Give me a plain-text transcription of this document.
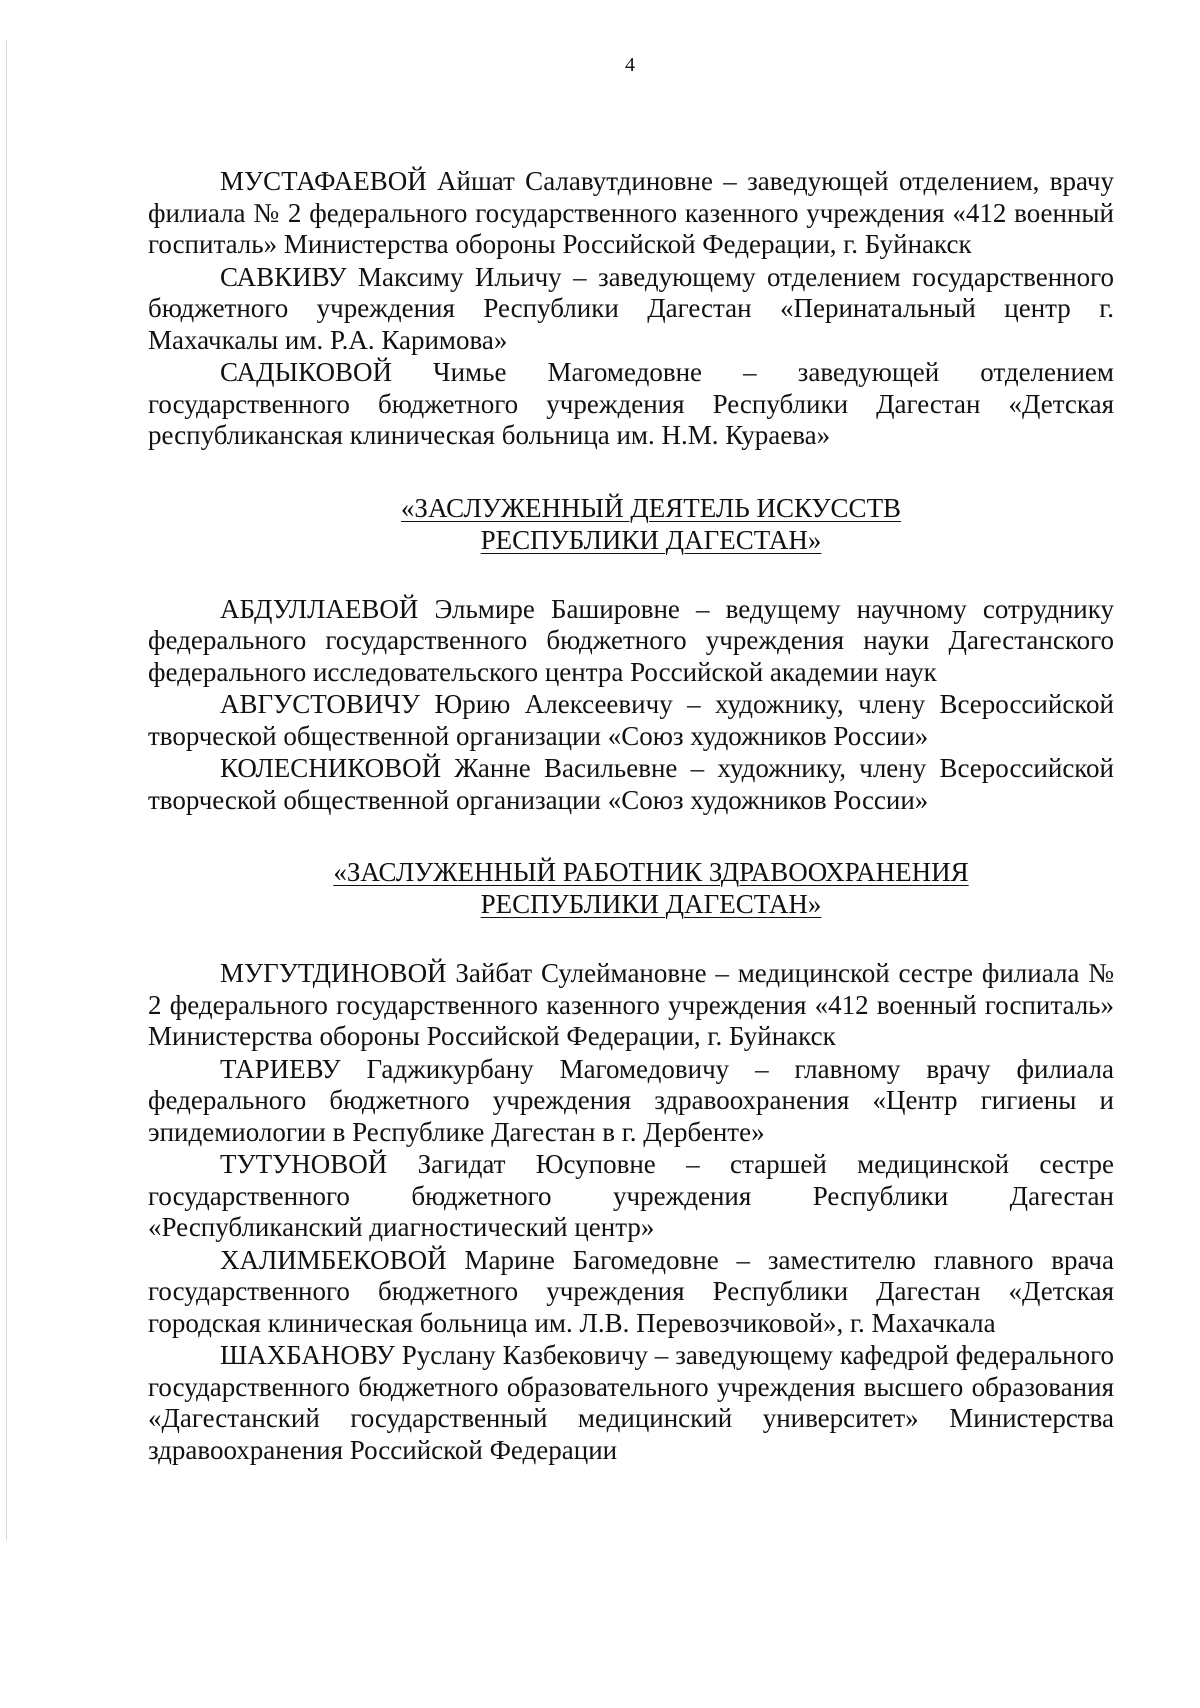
4

МУСТАФАЕВОЙ Айшат Салавутдиновне – заведующей отделением, врачу филиала № 2 федерального государственного казенного учреждения «412 военный госпиталь» Министерства обороны Российской Федерации, г. Буйнакск

САВКИВУ Максиму Ильичу – заведующему отделением государственного бюджетного учреждения Республики Дагестан «Перинатальный центр г. Махачкалы им. Р.А. Каримова»

САДЫКОВОЙ Чимье Магомедовне – заведующей отделением государственного бюджетного учреждения Республики Дагестан «Детская республиканская клиническая больница им. Н.М. Кураева»

«ЗАСЛУЖЕННЫЙ ДЕЯТЕЛЬ ИСКУССТВ
РЕСПУБЛИКИ ДАГЕСТАН»

АБДУЛЛАЕВОЙ Эльмире Башировне – ведущему научному сотруднику федерального государственного бюджетного учреждения науки Дагестанского федерального исследовательского центра Российской академии наук

АВГУСТОВИЧУ Юрию Алексеевичу – художнику, члену Всероссийской творческой общественной организации «Союз художников России»

КОЛЕСНИКОВОЙ Жанне Васильевне – художнику, члену Всероссийской творческой общественной организации «Союз художников России»

«ЗАСЛУЖЕННЫЙ РАБОТНИК ЗДРАВООХРАНЕНИЯ
РЕСПУБЛИКИ ДАГЕСТАН»

МУГУТДИНОВОЙ Зайбат Сулеймановне – медицинской сестре филиала № 2 федерального государственного казенного учреждения «412 военный госпиталь» Министерства обороны Российской Федерации, г. Буйнакск

ТАРИЕВУ Гаджикурбану Магомедовичу – главному врачу филиала федерального бюджетного учреждения здравоохранения «Центр гигиены и эпидемиологии в Республике Дагестан в г. Дербенте»

ТУТУНОВОЙ Загидат Юсуповне – старшей медицинской сестре государственного бюджетного учреждения Республики Дагестан «Республиканский диагностический центр»

ХАЛИМБЕКОВОЙ Марине Багомедовне – заместителю главного врача государственного бюджетного учреждения Республики Дагестан «Детская городская клиническая больница им. Л.В. Перевозчиковой», г. Махачкала

ШАХБАНОВУ Руслану Казбековичу – заведующему кафедрой федерального государственного бюджетного образовательного учреждения высшего образования «Дагестанский государственный медицинский университет» Министерства здравоохранения Российской Федерации
